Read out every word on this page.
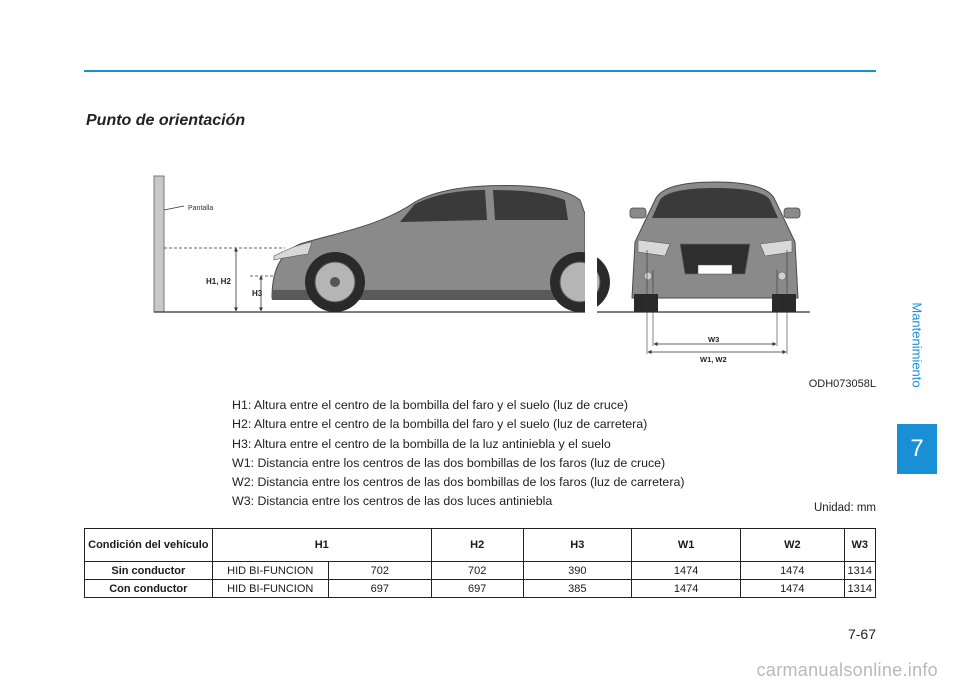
Punto de orientación
Pantalla
H1, H2
H3
W3
W1, W2
ODH073058L
H1: Altura entre el centro de la bombilla del faro y el suelo (luz de cruce)
H2: Altura entre el centro de la bombilla del faro y el suelo (luz de carretera)
H3: Altura entre el centro de la bombilla de la luz antiniebla y el suelo
W1: Distancia entre los centros de las dos bombillas de los faros (luz de cruce)
W2: Distancia entre los centros de las dos bombillas de los faros (luz de carretera)
W3: Distancia entre los centros de las dos luces antiniebla	Unidad: mm
Condición del vehículo	H1		H2	H3	W1	W2	W3
Sin conductor	HID BI-FUNCION	702	702	390	1474	1474	1314
Con conductor	HID BI-FUNCION	697	697	385	1474	1474	1314
Mantenimiento
7
7-67
carmanualsonline.info
